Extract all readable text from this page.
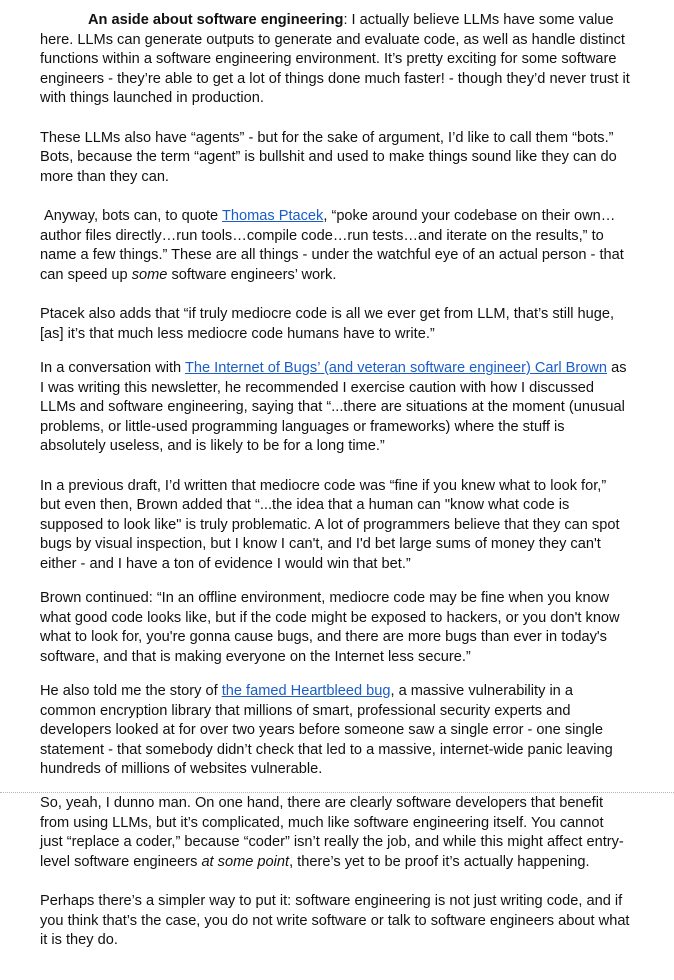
An aside about software engineering: I actually believe LLMs have some value here. LLMs can generate outputs to generate and evaluate code, as well as handle distinct functions within a software engineering environment. It’s pretty exciting for some software engineers - they’re able to get a lot of things done much faster! - though they’d never trust it with things launched in production.

These LLMs also have “agents” - but for the sake of argument, I’d like to call them “bots.” Bots, because the term “agent” is bullshit and used to make things sound like they can do more than they can.

Anyway, bots can, to quote Thomas Ptacek, “poke around your codebase on their own…author files directly…run tools…compile code…run tests…and iterate on the results,” to name a few things.” These are all things - under the watchful eye of an actual person - that can speed up some software engineers’ work.

Ptacek also adds that “if truly mediocre code is all we ever get from LLM, that’s still huge, [as] it’s that much less mediocre code humans have to write.”

In a conversation with The Internet of Bugs’ (and veteran software engineer) Carl Brown as I was writing this newsletter, he recommended I exercise caution with how I discussed LLMs and software engineering, saying that “...there are situations at the moment (unusual problems, or little-used programming languages or frameworks) where the stuff is absolutely useless, and is likely to be for a long time.”

In a previous draft, I’d written that mediocre code was “fine if you knew what to look for,” but even then, Brown added that “...the idea that a human can "know what code is supposed to look like" is truly problematic. A lot of programmers believe that they can spot bugs by visual inspection, but I know I can't, and I'd bet large sums of money they can't either - and I have a ton of evidence I would win that bet.”

Brown continued: “In an offline environment, mediocre code may be fine when you know what good code looks like, but if the code might be exposed to hackers, or you don't know what to look for, you're gonna cause bugs, and there are more bugs than ever in today's software, and that is making everyone on the Internet less secure.”

He also told me the story of the famed Heartbleed bug, a massive vulnerability in a common encryption library that millions of smart, professional security experts and developers looked at for over two years before someone saw a single error - one single statement - that somebody didn’t check that led to a massive, internet-wide panic leaving hundreds of millions of websites vulnerable.

So, yeah, I dunno man. On one hand, there are clearly software developers that benefit from using LLMs, but it’s complicated, much like software engineering itself. You cannot just “replace a coder,” because “coder” isn’t really the job, and while this might affect entry-level software engineers at some point, there’s yet to be proof it’s actually happening.

Perhaps there’s a simpler way to put it: software engineering is not just writing code, and if you think that’s the case, you do not write software or talk to software engineers about what it is they do.
